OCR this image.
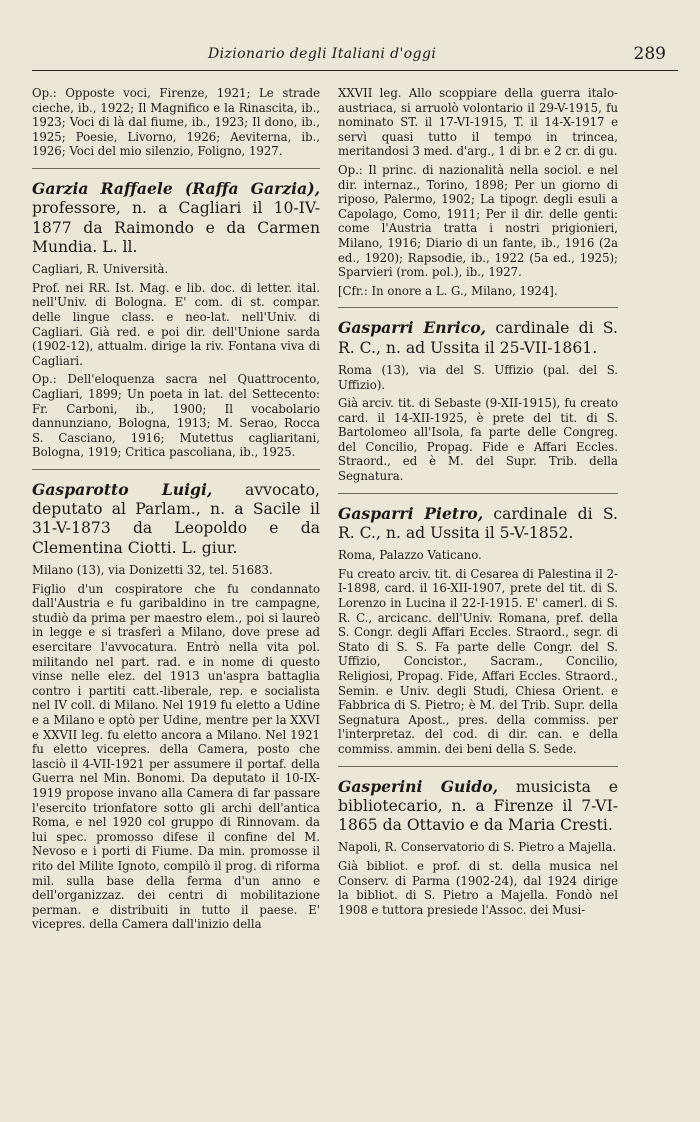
Dizionario degli Italiani d'oggi	289

Op.: Opposte voci, Firenze, 1921; Le strade cieche, ib., 1922; Il Magnifico e la Rinascita, ib., 1923; Voci di là dal fiume, ib., 1923; Il dono, ib., 1925; Poesie, Livorno, 1926; Aeviterna, ib., 1926; Voci del mio silenzio, Foligno, 1927.

Garzia Raffaele (Raffa Garzia), professore, n. a Cagliari il 10-IV-1877 da Raimondo e da Carmen Mundia. L. ll.

Cagliari, R. Università.

Prof. nei RR. Ist. Mag. e lib. doc. di letter. ital. nell'Univ. di Bologna. E' com. di st. compar. delle lingue class. e neo-lat. nell'Univ. di Cagliari. Già red. e poi dir. dell'Unione sarda (1902-12), attualm. dirige la riv. Fontana viva di Cagliari.

Op.: Dell'eloquenza sacra nel Quattrocento, Cagliari, 1899; Un poeta in lat. del Settecento: Fr. Carboni, ib., 1900; Il vocabolario dannunziano, Bologna, 1913; M. Serao, Rocca S. Casciano, 1916; Mutettus cagliaritani, Bologna, 1919; Critica pascoliana, ib., 1925.

Gasparotto Luigi, avvocato, deputato al Parlam., n. a Sacile il 31-V-1873 da Leopoldo e da Clementina Ciotti. L. giur.

Milano (13), via Donizetti 32, tel. 51683.

Figlio d'un cospiratore che fu condannato dall'Austria e fu garibaldino in tre campagne, studiò da prima per maestro elem., poi si laureò in legge e si trasferì a Milano, dove prese ad esercitare l'avvocatura. Entrò nella vita pol. militando nel part. rad. e in nome di questo vinse nelle elez. del 1913 un'aspra battaglia contro i partiti catt.-liberale, rep. e socialista nel IV coll. di Milano. Nel 1919 fu eletto a Udine e a Milano e optò per Udine, mentre per la XXVI e XXVII leg. fu eletto ancora a Milano. Nel 1921 fu eletto vicepres. della Camera, posto che lasciò il 4-VII-1921 per assumere il portaf. della Guerra nel Min. Bonomi. Da deputato il 10-IX-1919 propose invano alla Camera di far passare l'esercito trionfatore sotto gli archi dell'antica Roma, e nel 1920 col gruppo di Rinnovam. da lui spec. promosso difese il confine del M. Nevoso e i porti di Fiume. Da min. promosse il rito del Milite Ignoto, compilò il prog. di riforma mil. sulla base della ferma d'un anno e dell'organizzaz. dei centri di mobilitazione perman. e distribuiti in tutto il paese. E' vicepres. della Camera dall'inizio della

XXVII leg. Allo scoppiare della guerra italo-austriaca, si arruolò volontario il 29-V-1915, fu nominato ST. il 17-VI-1915, T. il 14-X-1917 e servì quasi tutto il tempo in trincea, meritandosi 3 med. d'arg., 1 di br. e 2 cr. di gu.

Op.: Il princ. di nazionalità nella sociol. e nel dir. internaz., Torino, 1898; Per un giorno di riposo, Palermo, 1902; La tipogr. degli esuli a Capolago, Como, 1911; Per il dir. delle genti: come l'Austria tratta i nostri prigionieri, Milano, 1916; Diario di un fante, ib., 1916 (2a ed., 1920); Rapsodie, ib., 1922 (5a ed., 1925); Sparvieri (rom. pol.), ib., 1927.

[Cfr.: In onore a L. G., Milano, 1924].

Gasparri Enrico, cardinale di S. R. C., n. ad Ussita il 25-VII-1861.

Roma (13), via del S. Uffizio (pal. del S. Uffizio).

Già arciv. tit. di Sebaste (9-XII-1915), fu creato card. il 14-XII-1925, è prete del tit. di S. Bartolomeo all'Isola, fa parte delle Congreg. del Concilio, Propag. Fide e Affari Eccles. Straord., ed è M. del Supr. Trib. della Segnatura.

Gasparri Pietro, cardinale di S. R. C., n. ad Ussita il 5-V-1852.

Roma, Palazzo Vaticano.

Fu creato arciv. tit. di Cesarea di Palestina il 2-I-1898, card. il 16-XII-1907, prete del tit. di S. Lorenzo in Lucina il 22-I-1915. E' camerl. di S. R. C., arcicanc. dell'Univ. Romana, pref. della S. Congr. degli Affari Eccles. Straord., segr. di Stato di S. S. Fa parte delle Congr. del S. Uffizio, Concistor., Sacram., Concilio, Religiosi, Propag. Fide, Affari Eccles. Straord., Semin. e Univ. degli Studi, Chiesa Orient. e Fabbrica di S. Pietro; è M. del Trib. Supr. della Segnatura Apost., pres. della commiss. per l'interpretaz. del cod. di dir. can. e della commiss. ammin. dei beni della S. Sede.

Gasperini Guido, musicista e bibliotecario, n. a Firenze il 7-VI-1865 da Ottavio e da Maria Cresti.

Napoli, R. Conservatorio di S. Pietro a Majella.

Già bibliot. e prof. di st. della musica nel Conserv. di Parma (1902-24), dal 1924 dirige la bibliot. di S. Pietro a Majella. Fondò nel 1908 e tuttora presiede l'Assoc. dei Musi-
